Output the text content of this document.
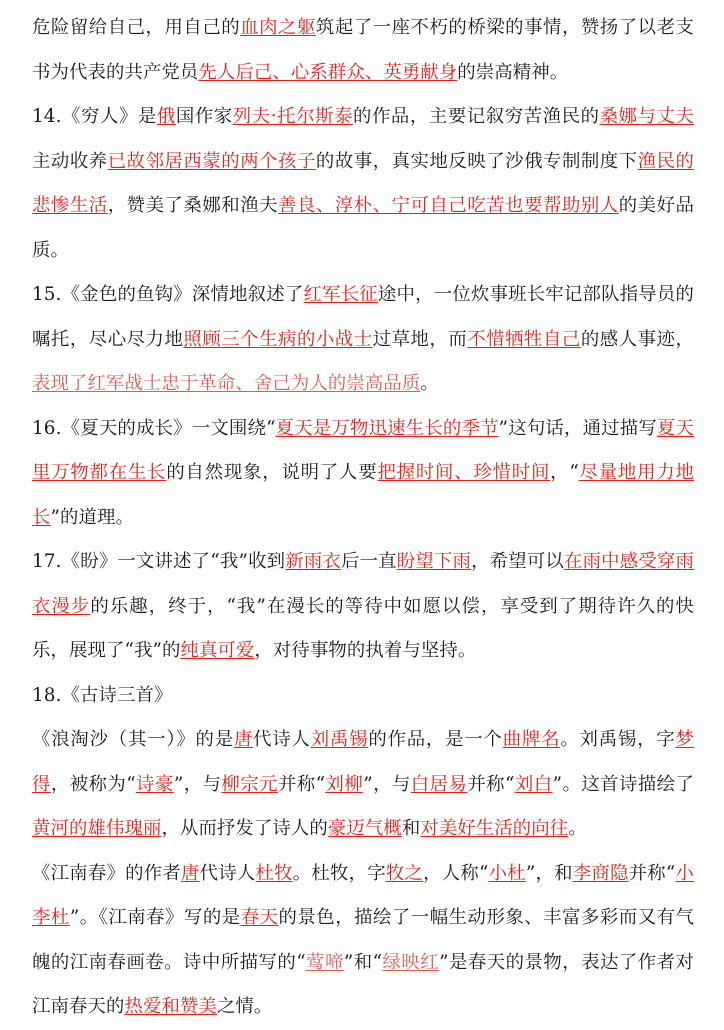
危险留给自己，用自己的血肉之躯筑起了一座不朽的桥梁的事情，赞扬了以老支书为代表的共产党员先人后己、心系群众、英勇献身的崇高精神。

14.《穷人》是俄国作家列夫·托尔斯泰的作品，主要记叙穷苦渔民的桑娜与丈夫主动收养已故邻居西蒙的两个孩子的故事，真实地反映了沙俄专制制度下渔民的悲惨生活，赞美了桑娜和渔夫善良、淳朴、宁可自己吃苦也要帮助别人的美好品质。

15.《金色的鱼钩》深情地叙述了红军长征途中，一位炊事班长牢记部队指导员的嘱托，尽心尽力地照顾三个生病的小战士过草地，而不惜牺牲自己的感人事迹，表现了红军战士忠于革命、舍己为人的崇高品质。

16.《夏天的成长》一文围绕“夏天是万物迅速生长的季节”这句话，通过描写夏天里万物都在生长的自然现象，说明了人要把握时间、珍惜时间，“尽量地用力地长”的道理。

17.《盼》一文讲述了“我”收到新雨衣后一直盼望下雨，希望可以在雨中感受穿雨衣漫步的乐趣，终于，“我”在漫长的等待中如愿以偿，享受到了期待许久的快乐，展现了“我”的纯真可爱，对待事物的执着与坚持。

18.《古诗三首》

《浪淘沙（其一）》的是唐代诗人刘禹锡的作品，是一个曲牌名。刘禹锡，字梦得，被称为“诗豪”，与柳宗元并称“刘柳”，与白居易并称“刘白”。这首诗描绘了黄河的雄伟瑰丽，从而抒发了诗人的豪迈气概和对美好生活的向往。

《江南春》的作者唐代诗人杜牧。杜牧，字牧之，人称“小杜”，和李商隐并称“小李杜”。《江南春》写的是春天的景色，描绘了一幅生动形象、丰富多彩而又有气魄的江南春画卷。诗中所描写的“莺啼”和“绿映红”是春天的景物，表达了作者对江南春天的热爱和赞美之情。
